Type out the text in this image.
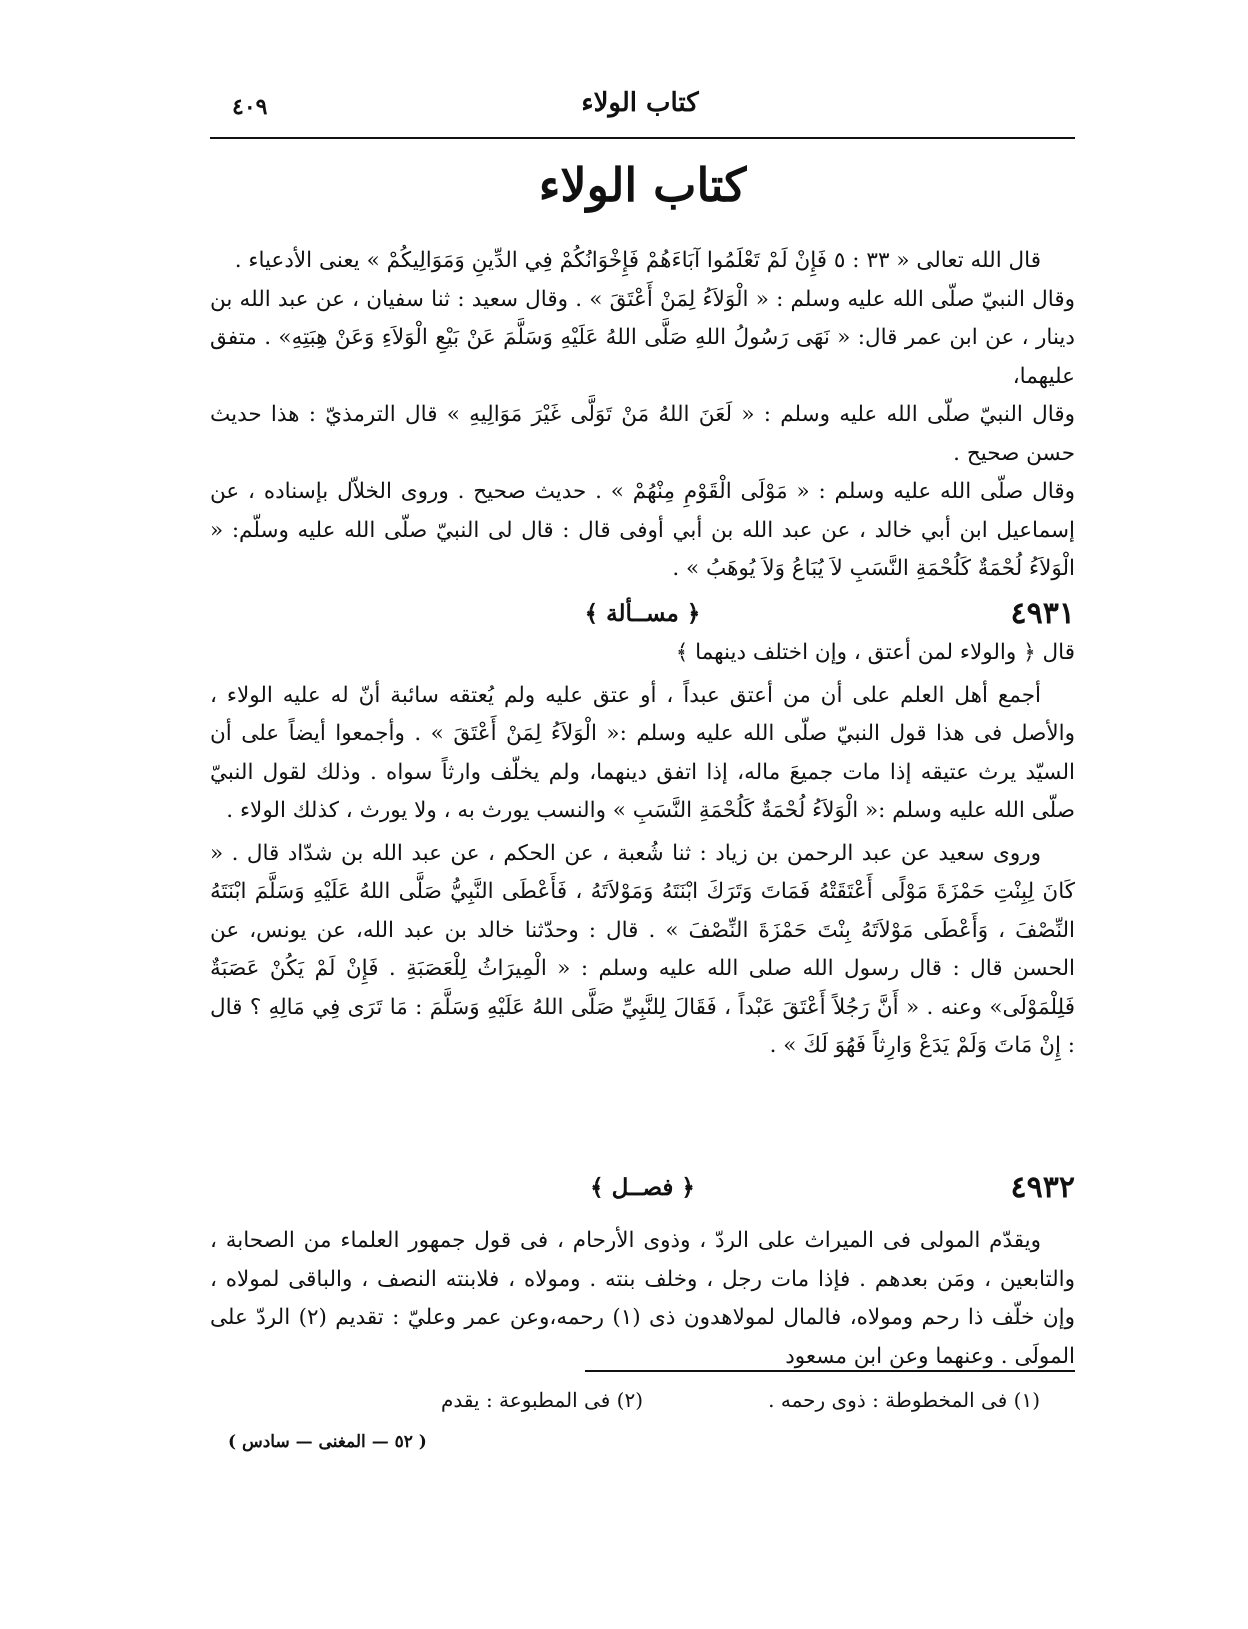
٤٠٩	كتاب الولاء
كتاب الولاء

قال الله تعالى « ٣٣ : ٥ فَإِنْ لَمْ تَعْلَمُوا آبَاءَهُمْ فَإِخْوَانُكُمْ فِي الدِّينِ وَمَوَالِيكُمْ » يعنى الأدعياء .

وقال النبيّ صلّى الله عليه وسلم : « الْوَلاَءُ لِمَنْ أَعْتَقَ » . وقال سعيد : ثنا سفيان ، عن عبد الله بن دينار ، عن ابن عمر قال: « نَهَى رَسُولُ اللهِ صَلَّى اللهُ عَلَيْهِ وَسَلَّمَ عَنْ بَيْعِ الْوَلاَءِ وَعَنْ هِبَتِهِ» . متفق عليهما،

وقال النبيّ صلّى الله عليه وسلم : « لَعَنَ اللهُ مَنْ تَوَلَّى غَيْرَ مَوَالِيهِ » قال الترمذيّ : هذا حديث حسن صحيح .

وقال صلّى الله عليه وسلم : « مَوْلَى الْقَوْمِ مِنْهُمْ » . حديث صحيح . وروى الخلاّل بإسناده ، عن إسماعيل ابن أبي خالد ، عن عبد الله بن أبي أوفى قال : قال لى النبيّ صلّى الله عليه وسلّم: « الْوَلاَءُ لُحْمَةٌ كَلُحْمَةِ النَّسَبِ لاَ يُبَاعُ وَلاَ يُوهَبُ » .

٤٩٣١
﴿ مســألة ﴾

قال ﴿ والولاء لمن أعتق ، وإن اختلف دينهما ﴾

أجمع أهل العلم على أن من أعتق عبداً ، أو عتق عليه ولم يُعتقه سائبة أنّ له عليه الولاء ، والأصل فى هذا قول النبيّ صلّى الله عليه وسلم :« الْوَلاَءُ لِمَنْ أَعْتَقَ » . وأجمعوا أيضاً على أن السيّد يرث عتيقه إذا مات جميعَ ماله، إذا اتفق دينهما، ولم يخلّف وارثاً سواه . وذلك لقول النبيّ صلّى الله عليه وسلم :« الْوَلاَءُ لُحْمَةٌ كَلُحْمَةِ النَّسَبِ » والنسب يورث به ، ولا يورث ، كذلك الولاء .

وروى سعيد عن عبد الرحمن بن زياد : ثنا شُعبة ، عن الحكم ، عن عبد الله بن شدّاد قال . « كَانَ لِبِنْتِ حَمْزَةَ مَوْلًى أَعْتَقَتْهُ فَمَاتَ وَتَرَكَ ابْنَتَهُ وَمَوْلاَتَهُ ، فَأَعْطَى النَّبِيُّ صَلَّى اللهُ عَلَيْهِ وَسَلَّمَ ابْنَتَهُ النِّصْفَ ، وَأَعْطَى مَوْلاَتَهُ بِنْتَ حَمْزَةَ النِّصْفَ » . قال : وحدّثنا خالد بن عبد الله، عن يونس، عن الحسن قال : قال رسول الله صلى الله عليه وسلم : « الْمِيرَاثُ لِلْعَصَبَةِ . فَإِنْ لَمْ يَكُنْ عَصَبَةٌ فَلِلْمَوْلَى» وعنه . « أَنَّ رَجُلاً أَعْتَقَ عَبْداً ، فَقَالَ لِلنَّبِيِّ صَلَّى اللهُ عَلَيْهِ وَسَلَّمَ : مَا تَرَى فِي مَالِهِ ؟ قال : إِنْ مَاتَ وَلَمْ يَدَعْ وَارِثاً فَهُوَ لَكَ » .

٤٩٣٢
﴿ فصــل ﴾

ويقدّم المولى فى الميراث على الردّ ، وذوى الأرحام ، فى قول جمهور العلماء من الصحابة ، والتابعين ، ومَن بعدهم . فإذا مات رجل ، وخلف بنته . ومولاه ، فلابنته النصف ، والباقى لمولاه ، وإن خلّف ذا رحم ومولاه، فالمال لمولاهدون ذى (١) رحمه،وعن عمر وعليّ : تقديم (٢) الردّ على المولَى . وعنهما وعن ابن مسعود

(١) فى المخطوطة : ذوى رحمه .
(٢) فى المطبوعة : يقدم
( ٥٢ — المغنى — سادس )
